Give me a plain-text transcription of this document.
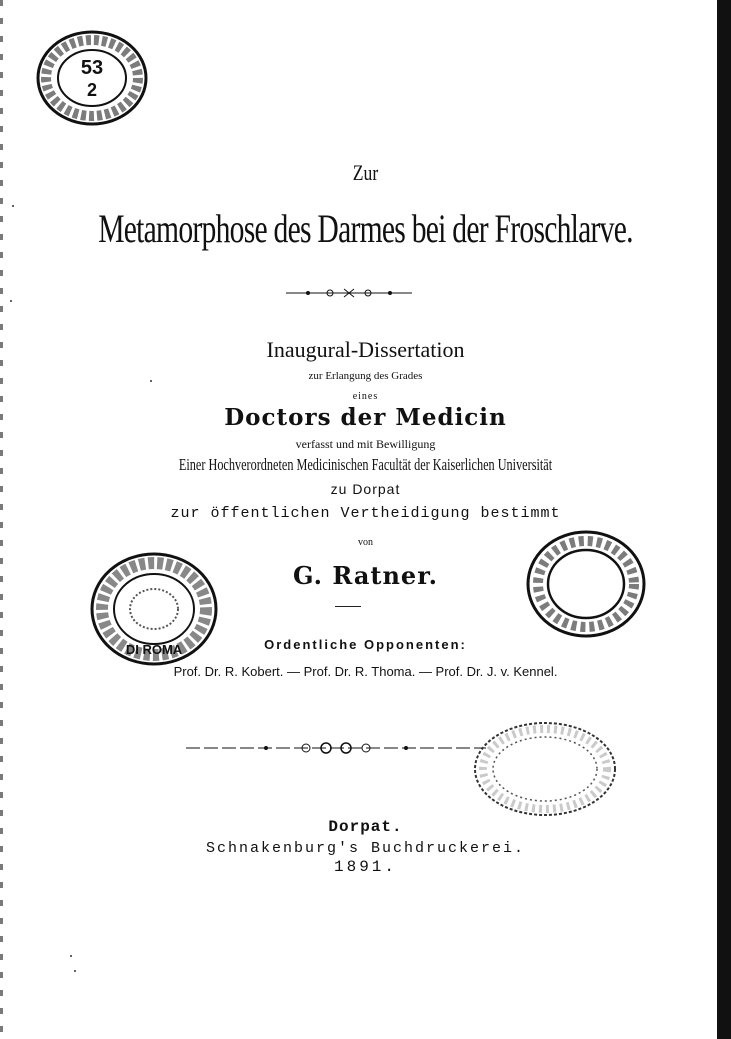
53
2
Zur
Metamorphose des Darmes bei der Froschlarve.
Inaugural-Dissertation
zur Erlangung des Grades
eines
Doctors der Medicin
verfasst und mit Bewilligung
Einer Hochverordneten Medicinischen Facultät der Kaiserlichen Universität
zu Dorpat
zur öffentlichen Vertheidigung bestimmt
von
G. Ratner.
DI ROMA	Ordentliche Opponenten:
Prof. Dr. R. Kobert. — Prof. Dr. R. Thoma. — Prof. Dr. J. v. Kennel.
Dorpat.
Schnakenburg's Buchdruckerei.
1891.
